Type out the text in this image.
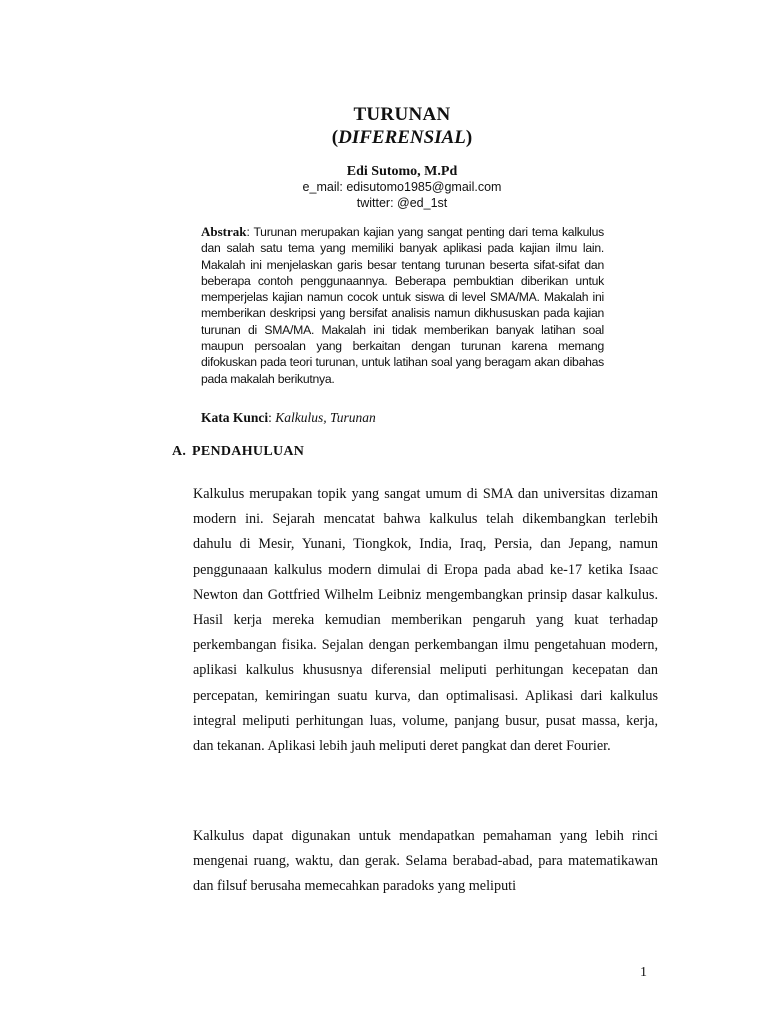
TURUNAN
(DIFERENSIAL)
Edi Sutomo, M.Pd
e_mail: edisutomo1985@gmail.com
twitter: @ed_1st
Abstrak: Turunan merupakan kajian yang sangat penting dari tema kalkulus dan salah satu tema yang memiliki banyak aplikasi pada kajian ilmu lain. Makalah ini menjelaskan garis besar tentang turunan beserta sifat-sifat dan beberapa contoh penggunaannya. Beberapa pembuktian diberikan untuk memperjelas kajian namun cocok untuk siswa di level SMA/MA. Makalah ini memberikan deskripsi yang bersifat analisis namun dikhususkan pada kajian turunan di SMA/MA. Makalah ini tidak memberikan banyak latihan soal maupun persoalan yang berkaitan dengan turunan karena memang difokuskan pada teori turunan, untuk latihan soal yang beragam akan dibahas pada makalah berikutnya.
Kata Kunci: Kalkulus, Turunan
A. PENDAHULUAN

Kalkulus merupakan topik yang sangat umum di SMA dan universitas dizaman modern ini. Sejarah mencatat bahwa kalkulus telah dikembangkan terlebih dahulu di Mesir, Yunani, Tiongkok, India, Iraq, Persia, dan Jepang, namun penggunaaan kalkulus modern dimulai di Eropa pada abad ke-17 ketika Isaac Newton dan Gottfried Wilhelm Leibniz mengembangkan prinsip dasar kalkulus. Hasil kerja mereka kemudian memberikan pengaruh yang kuat terhadap perkembangan fisika. Sejalan dengan perkembangan ilmu pengetahuan modern, aplikasi kalkulus khususnya diferensial meliputi perhitungan kecepatan dan percepatan, kemiringan suatu kurva, dan optimalisasi. Aplikasi dari kalkulus integral meliputi perhitungan luas, volume, panjang busur, pusat massa, kerja, dan tekanan. Aplikasi lebih jauh meliputi deret pangkat dan deret Fourier.

Kalkulus dapat digunakan untuk mendapatkan pemahaman yang lebih rinci mengenai ruang, waktu, dan gerak. Selama berabad-abad, para matematikawan dan filsuf berusaha memecahkan paradoks yang meliputi

1
